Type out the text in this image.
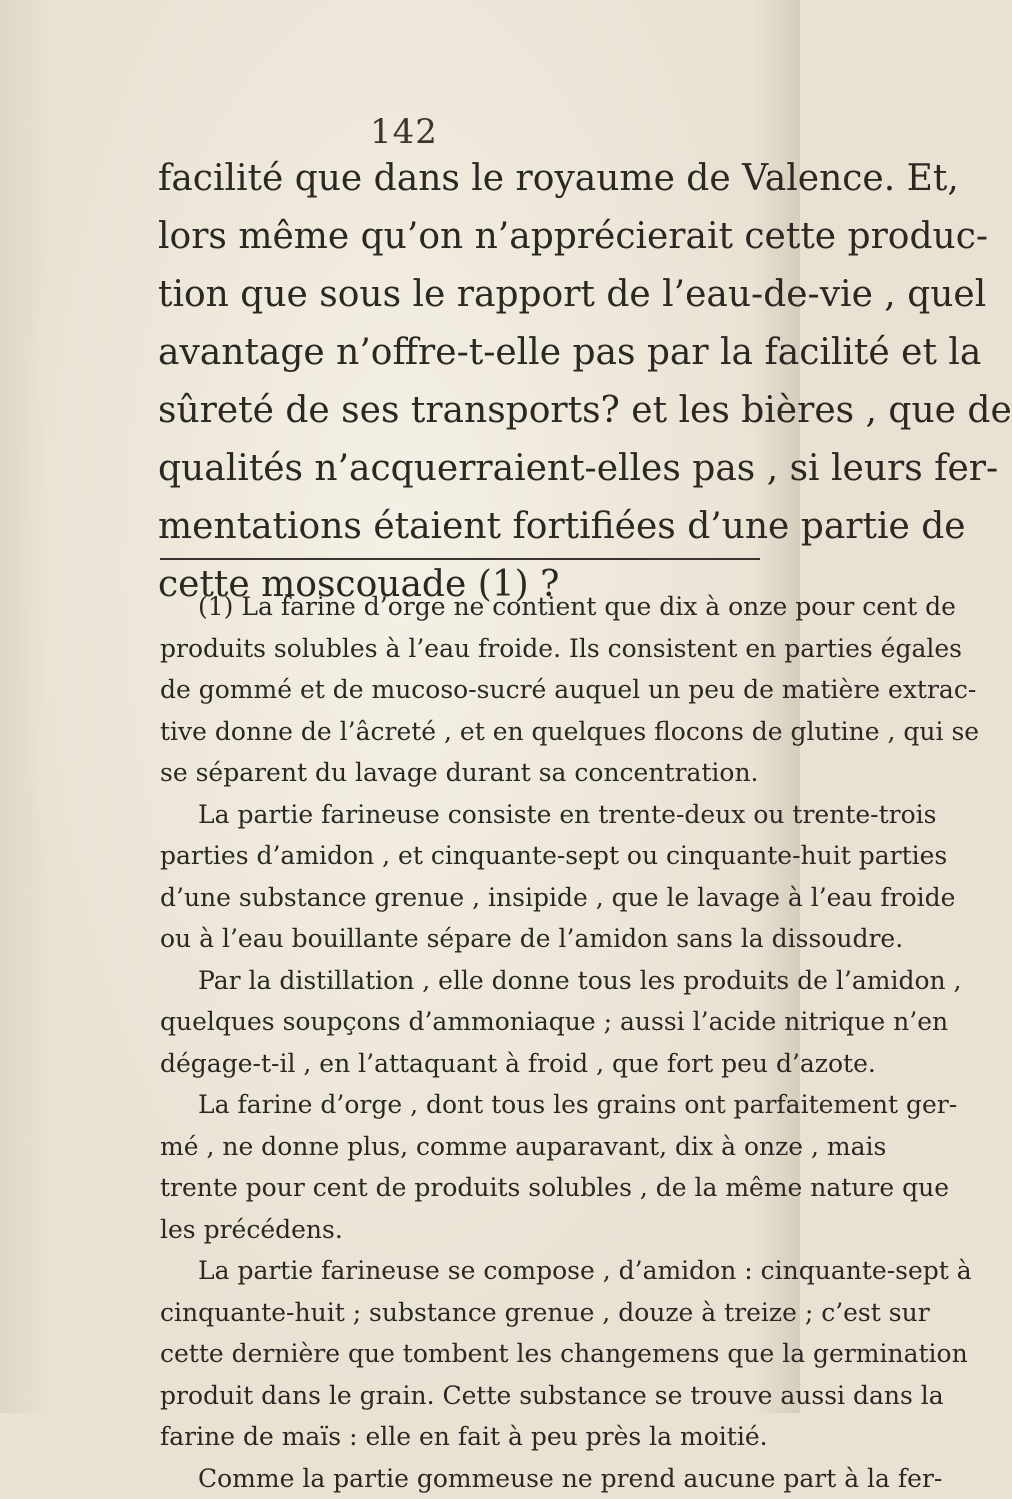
142
facilité que dans le royaume de Valence. Et,
lors même qu’on n’apprécierait cette produc-
tion que sous le rapport de l’eau-de-vie , quel
avantage n’offre-t-elle pas par la facilité et la
sûreté de ses transports? et les bières , que de
qualités n’acquerraient-elles pas , si leurs fer-
mentations étaient fortifiées d’une partie de
cette moscouade (1) ?
(1) La farine d’orge ne contient que dix à onze pour cent de
produits solubles à l’eau froide. Ils consistent en parties égales
de gommé et de mucoso-sucré auquel un peu de matière extrac-
tive donne de l’âcreté , et en quelques flocons de glutine , qui se
se séparent du lavage durant sa concentration.
La partie farineuse consiste en trente-deux ou trente-trois
parties d’amidon , et cinquante-sept ou cinquante-huit parties
d’une substance grenue , insipide , que le lavage à l’eau froide
ou à l’eau bouillante sépare de l’amidon sans la dissoudre.
Par la distillation , elle donne tous les produits de l’amidon ,
quelques soupçons d’ammoniaque ; aussi l’acide nitrique n’en
dégage-t-il , en l’attaquant à froid , que fort peu d’azote.
La farine d’orge , dont tous les grains ont parfaitement ger-
mé , ne donne plus, comme auparavant, dix à onze , mais
trente pour cent de produits solubles , de la même nature que
les précédens.
La partie farineuse se compose , d’amidon : cinquante-sept à
cinquante-huit ; substance grenue , douze à treize ; c’est sur
cette dernière que tombent les changemens que la germination
produit dans le grain. Cette substance se trouve aussi dans la
farine de maïs : elle en fait à peu près la moitié.
Comme la partie gommeuse ne prend aucune part à la fer-
